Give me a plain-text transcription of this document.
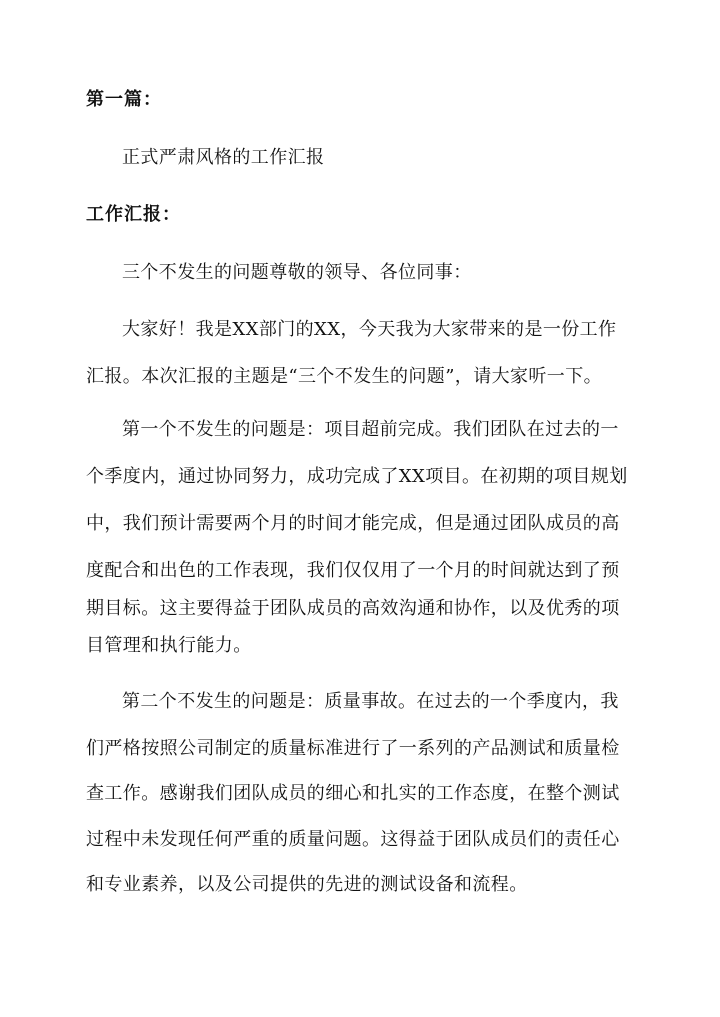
第一篇：
正式严肃风格的工作汇报
工作汇报：
三个不发生的问题尊敬的领导、各位同事：
大家好！我是XX部门的XX，今天我为大家带来的是一份工作
汇报。本次汇报的主题是“三个不发生的问题”，请大家听一下。
第一个不发生的问题是：项目超前完成。我们团队在过去的一
个季度内，通过协同努力，成功完成了XX项目。在初期的项目规划
中，我们预计需要两个月的时间才能完成，但是通过团队成员的高
度配合和出色的工作表现，我们仅仅用了一个月的时间就达到了预
期目标。这主要得益于团队成员的高效沟通和协作，以及优秀的项
目管理和执行能力。
第二个不发生的问题是：质量事故。在过去的一个季度内，我
们严格按照公司制定的质量标准进行了一系列的产品测试和质量检
查工作。感谢我们团队成员的细心和扎实的工作态度，在整个测试
过程中未发现任何严重的质量问题。这得益于团队成员们的责任心
和专业素养，以及公司提供的先进的测试设备和流程。
